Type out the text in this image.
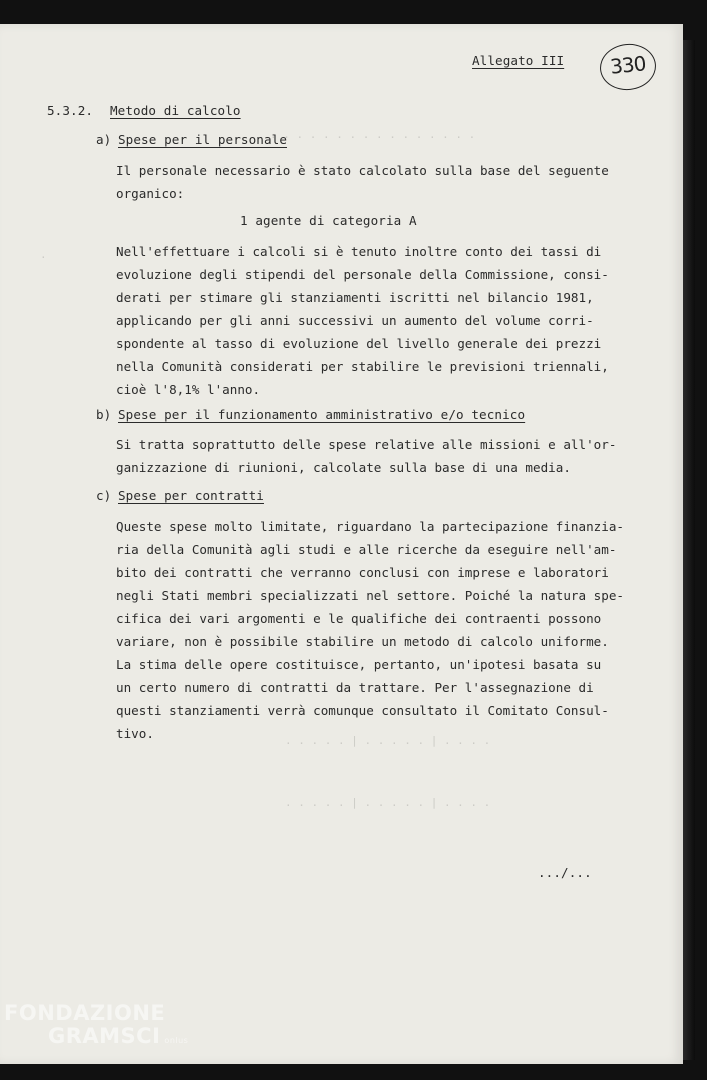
. . . . . . . . . . . . . . . .
.
. . . . . | . . . . . | . . . .
. . . . . | . . . . . | . . . .
Allegato III	330
5.3.2. Metodo di calcolo
a) Spese per il personale
Il personale necessario è stato calcolato sulla base del seguente
organico:
1 agente di categoria A
Nell'effettuare i calcoli si è tenuto inoltre conto dei tassi di
evoluzione degli stipendi del personale della Commissione, consi-
derati per stimare gli stanziamenti iscritti nel bilancio 1981,
applicando per gli anni successivi un aumento del volume corri-
spondente al tasso di evoluzione del livello generale dei prezzi
nella Comunità considerati per stabilire le previsioni triennali,
cioè l'8,1% l'anno.
b) Spese per il funzionamento amministrativo e/o tecnico
Si tratta soprattutto delle spese relative alle missioni e all'or-
ganizzazione di riunioni, calcolate sulla base di una media.
c) Spese per contratti
Queste spese molto limitate, riguardano la partecipazione finanzia-
ria della Comunità agli studi e alle ricerche da eseguire nell'am-
bito dei contratti che verranno conclusi con imprese e laboratori
negli Stati membri specializzati nel settore. Poiché la natura spe-
cifica dei vari argomenti e le qualifiche dei contraenti possono
variare, non è possibile stabilire un metodo di calcolo uniforme.
La stima delle opere costituisce, pertanto, un'ipotesi basata su
un certo numero di contratti da trattare. Per l'assegnazione di
questi stanziamenti verrà comunque consultato il Comitato Consul-
tivo.
.../...
FONDAZIONE
GRAMSCI onlus
